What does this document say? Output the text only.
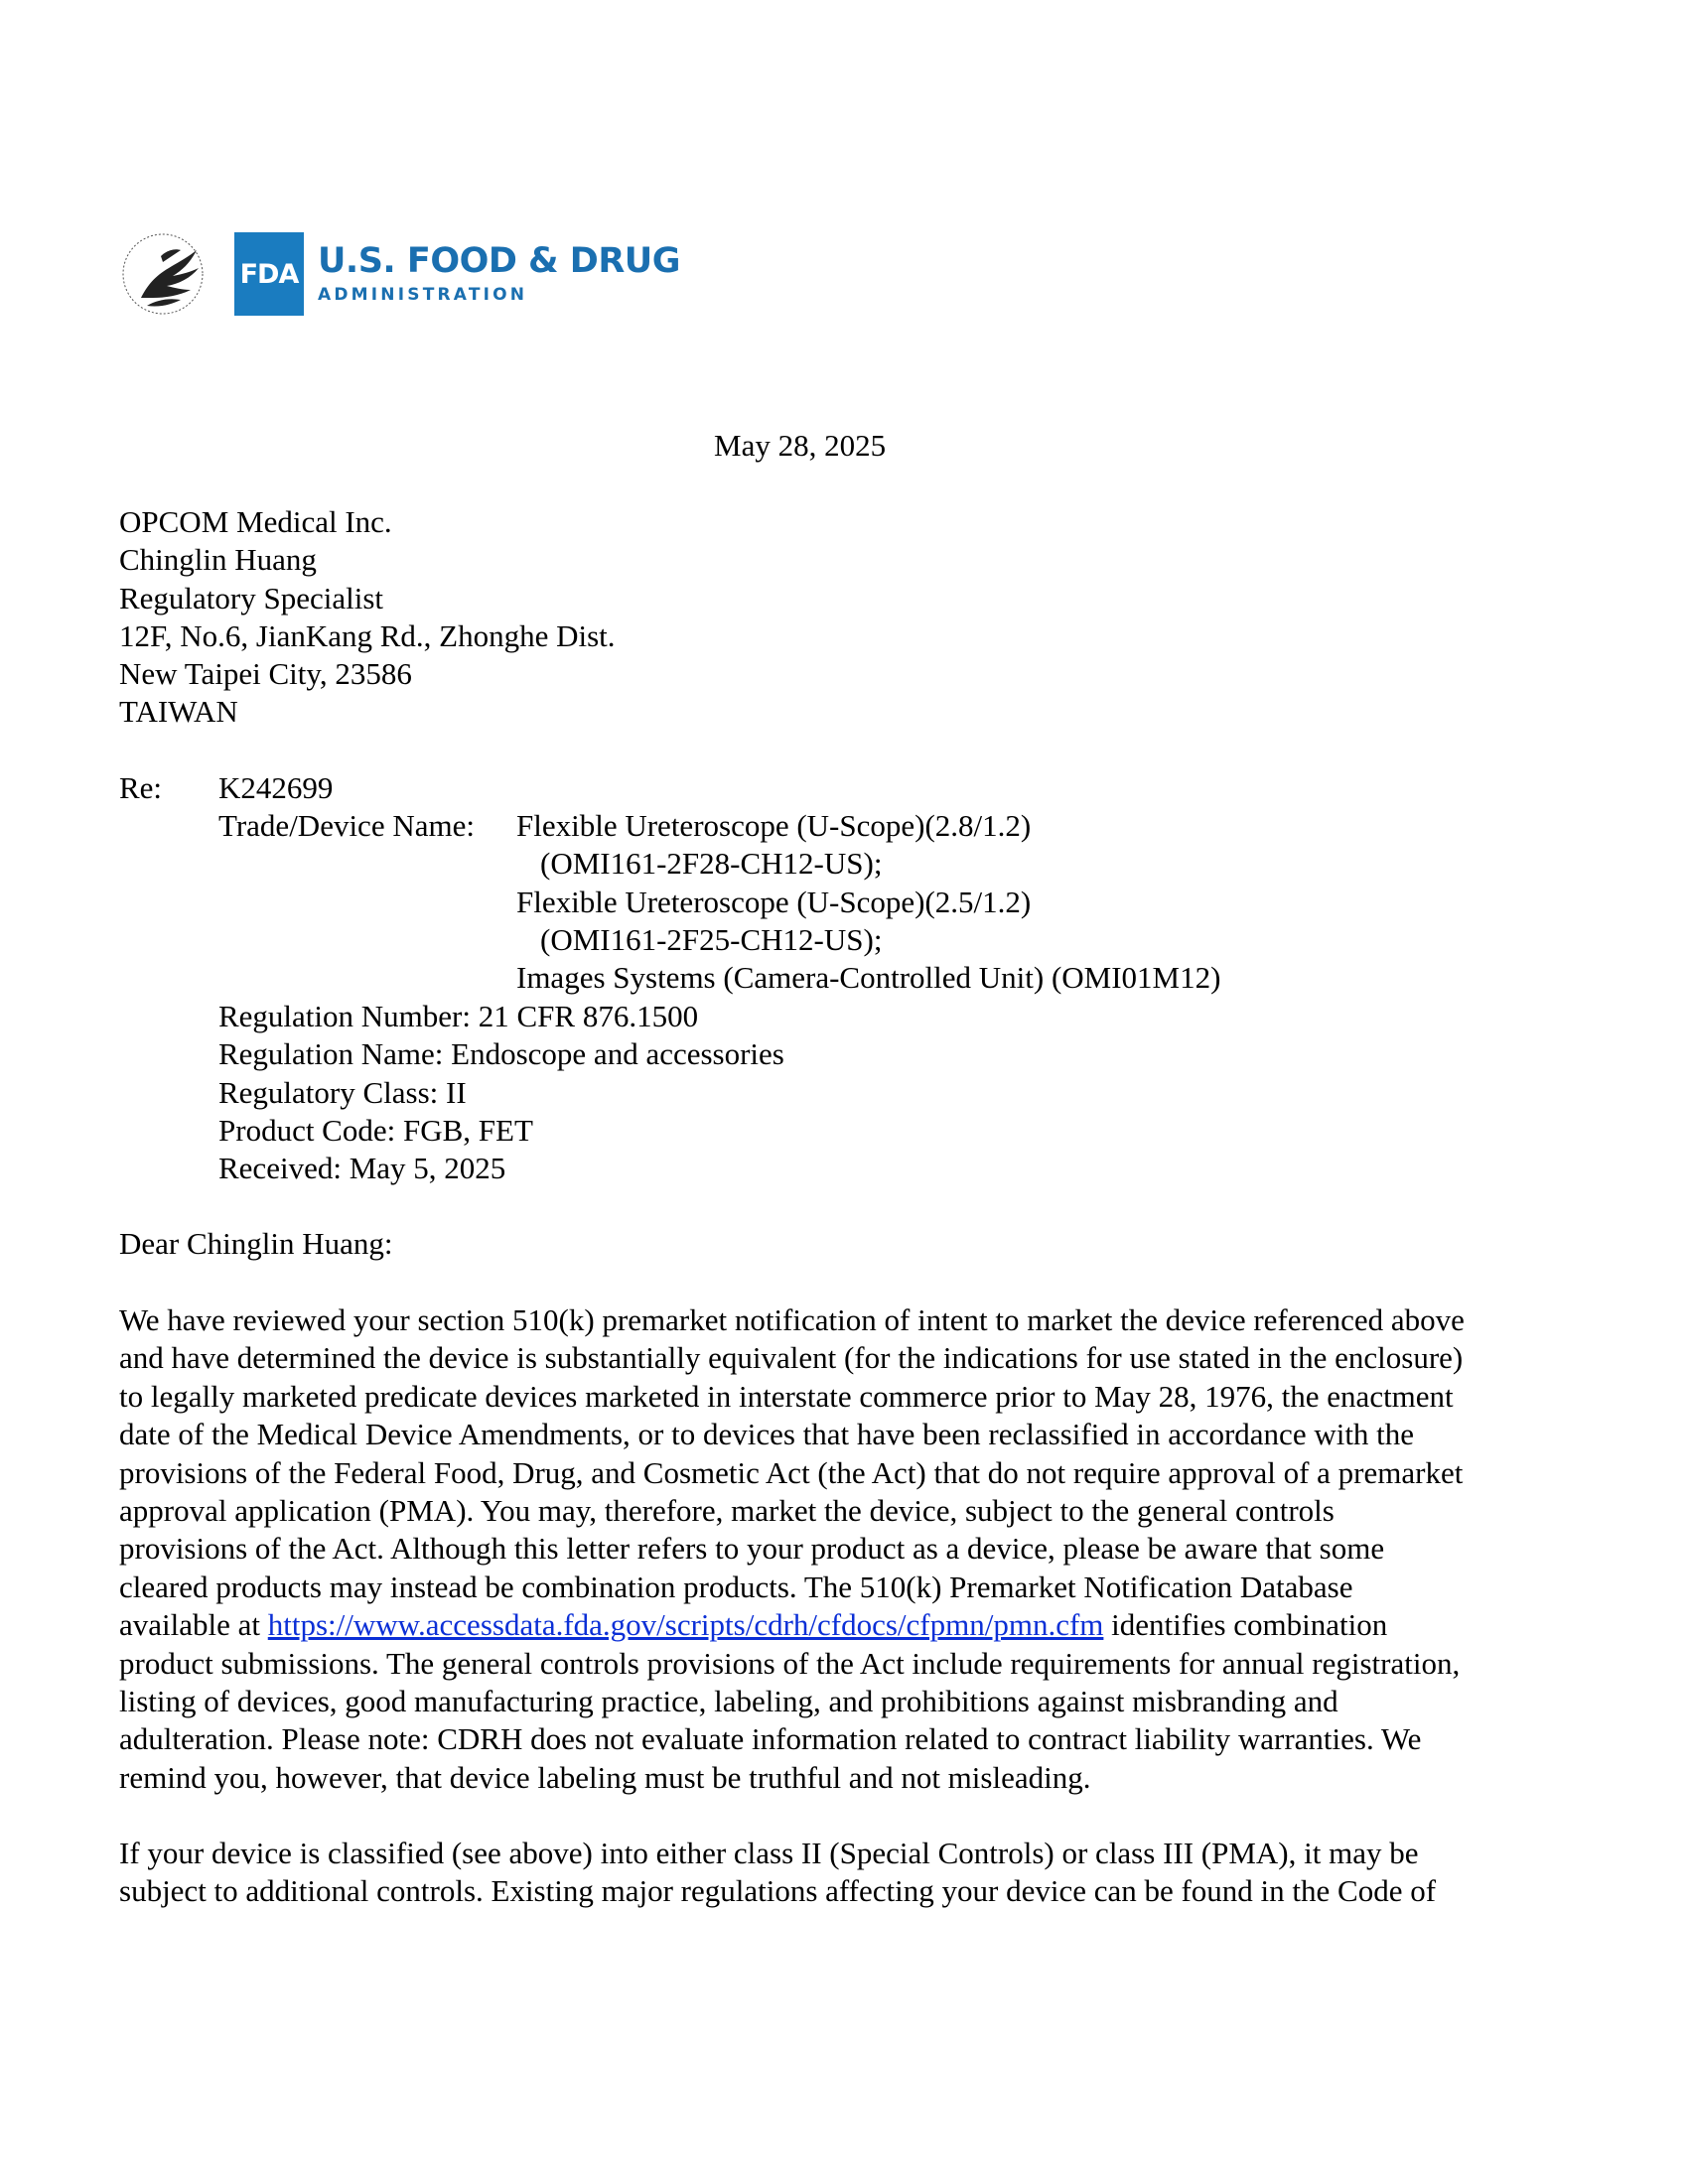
FDA U.S. FOOD & DRUG
ADMINISTRATION
May 28, 2025
OPCOM Medical Inc.
Chinglin Huang
Regulatory Specialist
12F, No.6, JianKang Rd., Zhonghe Dist.
New Taipei City, 23586
TAIWAN
Re: K242699
Trade/Device Name: Flexible Ureteroscope (U-Scope)(2.8/1.2)
(OMI161-2F28-CH12-US);
Flexible Ureteroscope (U-Scope)(2.5/1.2)
(OMI161-2F25-CH12-US);
Images Systems (Camera-Controlled Unit) (OMI01M12)
Regulation Number: 21 CFR 876.1500
Regulation Name: Endoscope and accessories
Regulatory Class: II
Product Code: FGB, FET
Received: May 5, 2025
Dear Chinglin Huang:
We have reviewed your section 510(k) premarket notification of intent to market the device referenced above
and have determined the device is substantially equivalent (for the indications for use stated in the enclosure)
to legally marketed predicate devices marketed in interstate commerce prior to May 28, 1976, the enactment
date of the Medical Device Amendments, or to devices that have been reclassified in accordance with the
provisions of the Federal Food, Drug, and Cosmetic Act (the Act) that do not require approval of a premarket
approval application (PMA). You may, therefore, market the device, subject to the general controls
provisions of the Act. Although this letter refers to your product as a device, please be aware that some
cleared products may instead be combination products. The 510(k) Premarket Notification Database
available at https://www.accessdata.fda.gov/scripts/cdrh/cfdocs/cfpmn/pmn.cfm identifies combination
product submissions. The general controls provisions of the Act include requirements for annual registration,
listing of devices, good manufacturing practice, labeling, and prohibitions against misbranding and
adulteration. Please note: CDRH does not evaluate information related to contract liability warranties. We
remind you, however, that device labeling must be truthful and not misleading.
If your device is classified (see above) into either class II (Special Controls) or class III (PMA), it may be
subject to additional controls. Existing major regulations affecting your device can be found in the Code of
